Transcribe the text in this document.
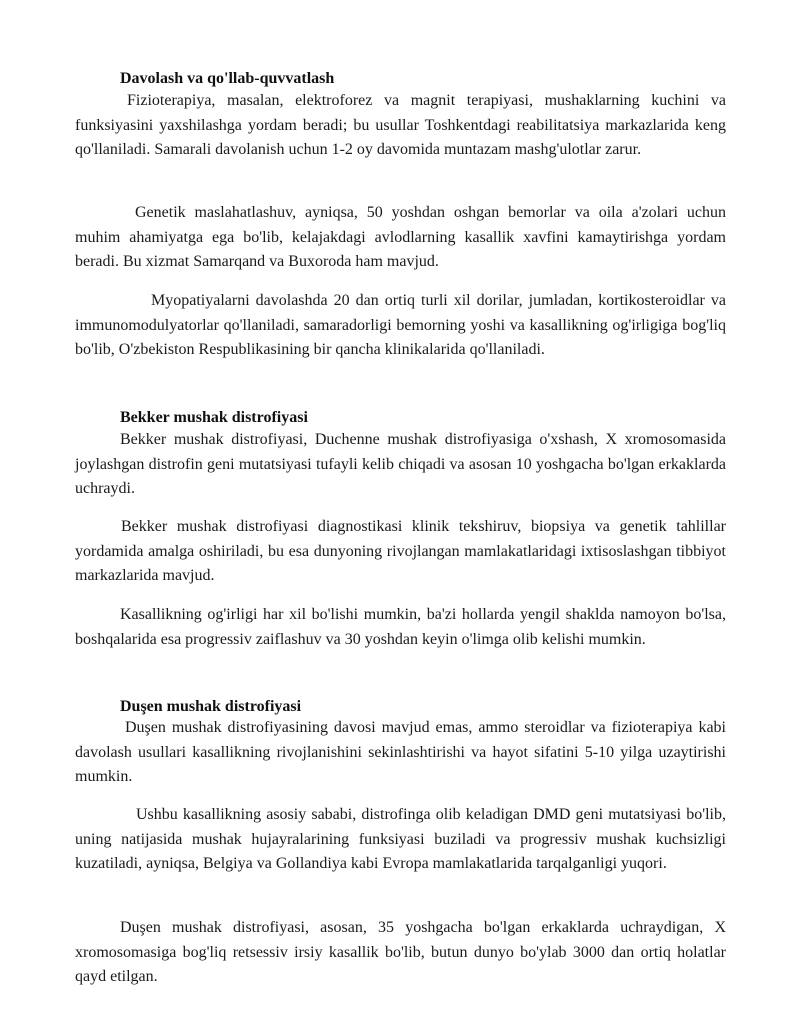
Davolash va qo'llab-quvvatlash

Fizioterapiya, masalan, elektroforez va magnit terapiyasi, mushaklarning kuchini va funksiyasini yaxshilashga yordam beradi; bu usullar Toshkentdagi reabilitatsiya markazlarida keng qo'llaniladi. Samarali davolanish uchun 1-2 oy davomida muntazam mashg'ulotlar zarur.

Genetik maslahatlashuv, ayniqsa, 50 yoshdan oshgan bemorlar va oila a'zolari uchun muhim ahamiyatga ega bo'lib, kelajakdagi avlodlarning kasallik xavfini kamaytirishga yordam beradi. Bu xizmat Samarqand va Buxoroda ham mavjud.

Myopatiyalarni davolashda 20 dan ortiq turli xil dorilar, jumladan, kortikosteroidlar va immunomodulyatorlar qo'llaniladi, samaradorligi bemorning yoshi va kasallikning og'irligiga bog'liq bo'lib, O'zbekiston Respublikasining bir qancha klinikalarida qo'llaniladi.

Bekker mushak distrofiyasi

Bekker mushak distrofiyasi, Duchenne mushak distrofiyasiga o'xshash, X xromosomasida joylashgan distrofin geni mutatsiyasi tufayli kelib chiqadi va asosan 10 yoshgacha bo'lgan erkaklarda uchraydi.

Bekker mushak distrofiyasi diagnostikasi klinik tekshiruv, biopsiya va genetik tahlillar yordamida amalga oshiriladi, bu esa dunyoning rivojlangan mamlakatlaridagi ixtisoslashgan tibbiyot markazlarida mavjud.

Kasallikning og'irligi har xil bo'lishi mumkin, ba'zi hollarda yengil shaklda namoyon bo'lsa, boshqalarida esa progressiv zaiflashuv va 30 yoshdan keyin o'limga olib kelishi mumkin.

Duşen mushak distrofiyasi

Duşen mushak distrofiyasining davosi mavjud emas, ammo steroidlar va fizioterapiya kabi davolash usullari kasallikning rivojlanishini sekinlashtirishi va hayot sifatini 5-10 yilga uzaytirishi mumkin.

Ushbu kasallikning asosiy sababi, distrofinga olib keladigan DMD geni mutatsiyasi bo'lib, uning natijasida mushak hujayralarining funksiyasi buziladi va progressiv mushak kuchsizligi kuzatiladi, ayniqsa, Belgiya va Gollandiya kabi Evropa mamlakatlarida tarqalganligi yuqori.

Duşen mushak distrofiyasi, asosan, 35 yoshgacha bo'lgan erkaklarda uchraydigan, X xromosomasiga bog'liq retsessiv irsiy kasallik bo'lib, butun dunyo bo'ylab 3000 dan ortiq holatlar qayd etilgan.
